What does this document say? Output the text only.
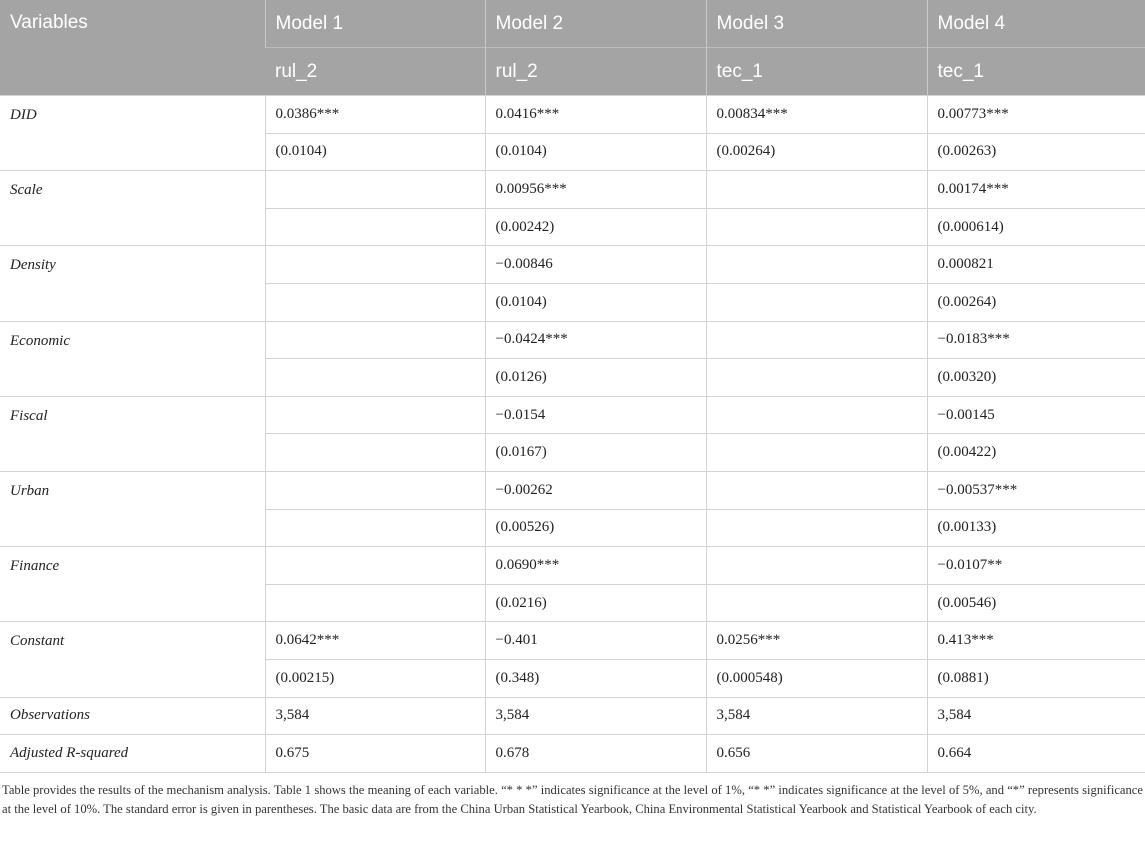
Variables	Model 1	Model 2	Model 3	Model 4
	rul_2	rul_2	tec_1	tec_1
DID	0.0386***	0.0416***	0.00834***	0.00773***
	(0.0104)	(0.0104)	(0.00264)	(0.00263)
Scale		0.00956***		0.00174***
		(0.00242)		(0.000614)
Density		−0.00846		0.000821
		(0.0104)		(0.00264)
Economic		−0.0424***		−0.0183***
		(0.0126)		(0.00320)
Fiscal		−0.0154		−0.00145
		(0.0167)		(0.00422)
Urban		−0.00262		−0.00537***
		(0.00526)		(0.00133)
Finance		0.0690***		−0.0107**
		(0.0216)		(0.00546)
Constant	0.0642***	−0.401	0.0256***	0.413***
	(0.00215)	(0.348)	(0.000548)	(0.0881)
Observations	3,584	3,584	3,584	3,584
Adjusted R-squared	0.675	0.678	0.656	0.664
Table provides the results of the mechanism analysis. Table 1 shows the meaning of each variable. “* * *” indicates significance at the level of 1%, “* *” indicates significance at the level of 5%, and “*” represents significance at the level of 10%. The standard error is given in parentheses. The basic data are from the China Urban Statistical Yearbook, China Environmental Statistical Yearbook and Statistical Yearbook of each city.
